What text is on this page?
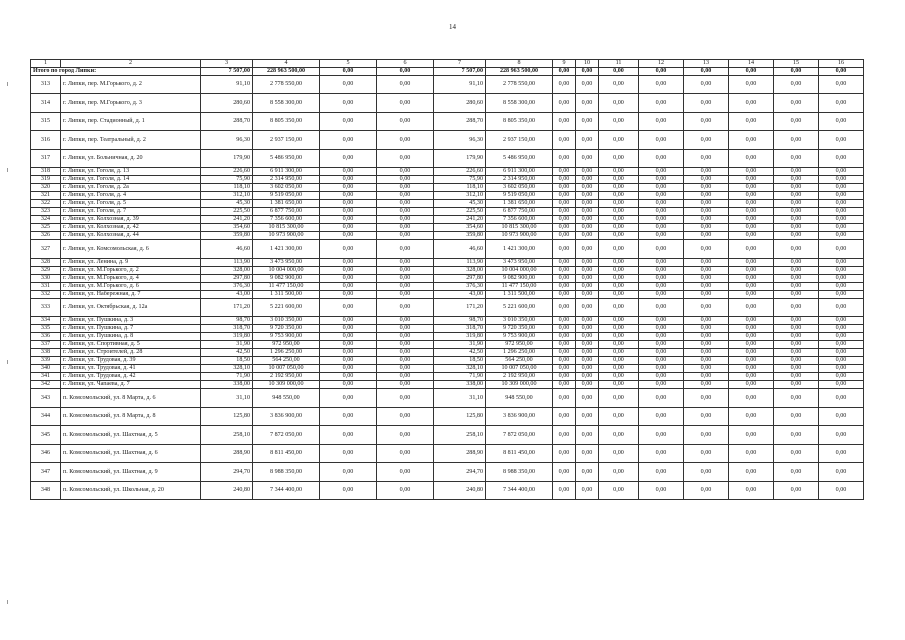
14
1	2	3	4	5	6	7	8	9	10	11	12	13	14	15	16
Итого по город Липки:		7 507,00	228 963 500,00	0,00	0,00	7 507,00	228 963 500,00	0,00	0,00	0,00	0,00	0,00	0,00	0,00	0,00
313	г. Липки, пер. М.Горького, д. 2	91,10	2 778 550,00	0,00	0,00	91,10	2 778 550,00	0,00	0,00	0,00	0,00	0,00	0,00	0,00	0,00
314	г. Липки, пер. М.Горького, д. 3	280,60	8 558 300,00	0,00	0,00	280,60	8 558 300,00	0,00	0,00	0,00	0,00	0,00	0,00	0,00	0,00
315	г. Липки, пер. Стадионный, д. 1	288,70	8 805 350,00	0,00	0,00	288,70	8 805 350,00	0,00	0,00	0,00	0,00	0,00	0,00	0,00	0,00
316	г. Липки, пер. Театральный, д. 2	96,30	2 937 150,00	0,00	0,00	96,30	2 937 150,00	0,00	0,00	0,00	0,00	0,00	0,00	0,00	0,00
317	г. Липки, ул. Больничная, д. 20	179,90	5 486 950,00	0,00	0,00	179,90	5 486 950,00	0,00	0,00	0,00	0,00	0,00	0,00	0,00	0,00
318	г. Липки, ул. Гоголя, д. 13	226,60	6 911 300,00	0,00	0,00	226,60	6 911 300,00	0,00	0,00	0,00	0,00	0,00	0,00	0,00	0,00
319	г. Липки, ул. Гоголя, д. 14	75,90	2 314 950,00	0,00	0,00	75,90	2 314 950,00	0,00	0,00	0,00	0,00	0,00	0,00	0,00	0,00
320	г. Липки, ул. Гоголя, д. 2а	118,10	3 602 050,00	0,00	0,00	118,10	3 602 050,00	0,00	0,00	0,00	0,00	0,00	0,00	0,00	0,00
321	г. Липки, ул. Гоголя, д. 4	312,10	9 519 050,00	0,00	0,00	312,10	9 519 050,00	0,00	0,00	0,00	0,00	0,00	0,00	0,00	0,00
322	г. Липки, ул. Гоголя, д. 5	45,30	1 381 650,00	0,00	0,00	45,30	1 381 650,00	0,00	0,00	0,00	0,00	0,00	0,00	0,00	0,00
323	г. Липки, ул. Гоголя, д. 7	225,50	6 877 750,00	0,00	0,00	225,50	6 877 750,00	0,00	0,00	0,00	0,00	0,00	0,00	0,00	0,00
324	г. Липки, ул. Колхозная, д. 39	241,20	7 356 600,00	0,00	0,00	241,20	7 356 600,00	0,00	0,00	0,00	0,00	0,00	0,00	0,00	0,00
325	г. Липки, ул. Колхозная, д. 42	354,60	10 815 300,00	0,00	0,00	354,60	10 815 300,00	0,00	0,00	0,00	0,00	0,00	0,00	0,00	0,00
326	г. Липки, ул. Колхозная, д. 44	359,80	10 973 900,00	0,00	0,00	359,80	10 973 900,00	0,00	0,00	0,00	0,00	0,00	0,00	0,00	0,00
327	г. Липки, ул. Комсомольская, д. 6	46,60	1 421 300,00	0,00	0,00	46,60	1 421 300,00	0,00	0,00	0,00	0,00	0,00	0,00	0,00	0,00
328	г. Липки, ул. Ленина, д. 9	113,90	3 473 950,00	0,00	0,00	113,90	3 473 950,00	0,00	0,00	0,00	0,00	0,00	0,00	0,00	0,00
329	г. Липки, ул. М.Горького, д. 2	328,00	10 004 000,00	0,00	0,00	328,00	10 004 000,00	0,00	0,00	0,00	0,00	0,00	0,00	0,00	0,00
330	г. Липки, ул. М.Горького, д. 4	297,80	9 082 900,00	0,00	0,00	297,80	9 082 900,00	0,00	0,00	0,00	0,00	0,00	0,00	0,00	0,00
331	г. Липки, ул. М.Горького, д. 6	376,30	11 477 150,00	0,00	0,00	376,30	11 477 150,00	0,00	0,00	0,00	0,00	0,00	0,00	0,00	0,00
332	г. Липки, ул. Набережная, д. 7	43,00	1 311 500,00	0,00	0,00	43,00	1 311 500,00	0,00	0,00	0,00	0,00	0,00	0,00	0,00	0,00
333	г. Липки, ул. Октябрьская, д. 12а	171,20	5 221 600,00	0,00	0,00	171,20	5 221 600,00	0,00	0,00	0,00	0,00	0,00	0,00	0,00	0,00
334	г. Липки, ул. Пушкина, д. 3	98,70	3 010 350,00	0,00	0,00	98,70	3 010 350,00	0,00	0,00	0,00	0,00	0,00	0,00	0,00	0,00
335	г. Липки, ул. Пушкина, д. 7	318,70	9 720 350,00	0,00	0,00	318,70	9 720 350,00	0,00	0,00	0,00	0,00	0,00	0,00	0,00	0,00
336	г. Липки, ул. Пушкина, д. 8	319,80	9 753 900,00	0,00	0,00	319,80	9 753 900,00	0,00	0,00	0,00	0,00	0,00	0,00	0,00	0,00
337	г. Липки, ул. Спортивная, д. 5	31,90	972 950,00	0,00	0,00	31,90	972 950,00	0,00	0,00	0,00	0,00	0,00	0,00	0,00	0,00
338	г. Липки, ул. Строителей, д. 28	42,50	1 296 250,00	0,00	0,00	42,50	1 296 250,00	0,00	0,00	0,00	0,00	0,00	0,00	0,00	0,00
339	г. Липки, ул. Трудовая, д. 39	18,50	564 250,00	0,00	0,00	18,50	564 250,00	0,00	0,00	0,00	0,00	0,00	0,00	0,00	0,00
340	г. Липки, ул. Трудовая, д. 41	328,10	10 007 050,00	0,00	0,00	328,10	10 007 050,00	0,00	0,00	0,00	0,00	0,00	0,00	0,00	0,00
341	г. Липки, ул. Трудовая, д. 42	71,90	2 192 950,00	0,00	0,00	71,90	2 192 950,00	0,00	0,00	0,00	0,00	0,00	0,00	0,00	0,00
342	г. Липки, ул. Чапаева, д. 7	338,00	10 309 000,00	0,00	0,00	338,00	10 309 000,00	0,00	0,00	0,00	0,00	0,00	0,00	0,00	0,00
343	п. Комсомольский, ул. 8 Марта, д. 6	31,10	948 550,00	0,00	0,00	31,10	948 550,00	0,00	0,00	0,00	0,00	0,00	0,00	0,00	0,00
344	п. Комсомольский, ул. 8 Марта, д. 8	125,80	3 836 900,00	0,00	0,00	125,80	3 836 900,00	0,00	0,00	0,00	0,00	0,00	0,00	0,00	0,00
345	п. Комсомольский, ул. Шахтная, д. 5	258,10	7 872 050,00	0,00	0,00	258,10	7 872 050,00	0,00	0,00	0,00	0,00	0,00	0,00	0,00	0,00
346	п. Комсомольский, ул. Шахтная, д. 6	288,90	8 811 450,00	0,00	0,00	288,90	8 811 450,00	0,00	0,00	0,00	0,00	0,00	0,00	0,00	0,00
347	п. Комсомольский, ул. Шахтная, д. 9	294,70	8 988 350,00	0,00	0,00	294,70	8 988 350,00	0,00	0,00	0,00	0,00	0,00	0,00	0,00	0,00
348	п. Комсомольский, ул. Школьная, д. 20	240,80	7 344 400,00	0,00	0,00	240,80	7 344 400,00	0,00	0,00	0,00	0,00	0,00	0,00	0,00	0,00
